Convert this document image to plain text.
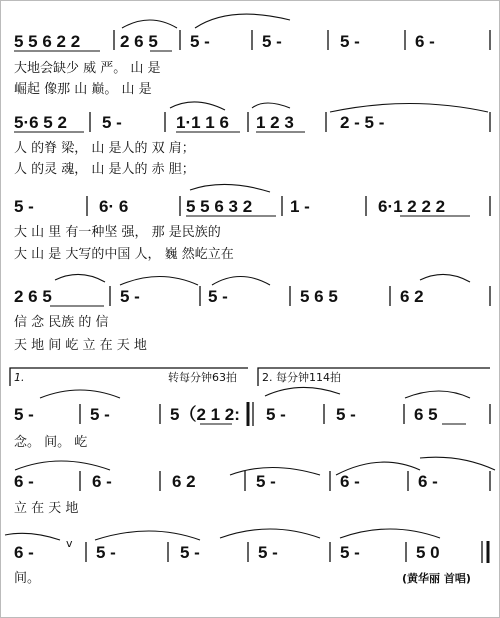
5 5 6 2 2 2 6 5 5 -	5 -	5 -	6 -
大地会缺少 威 严。 山 是
崛起 像那 山 巅。 山 是
5·6 5 2 5 -	1·1 1 6 1 2 3	2 - 5 -
人 的脊 梁， 山 是人的 双 肩；
人 的灵 魂， 山 是人的 赤 胆；
5 -	6· 6	5 5 6 3 2 1 -	6·1 2 2 2
大 山 里 有一种坚 强， 那 是民族的
大 山 是 大写的中国 人， 巍 然屹立在
2 6 5	5 -	5 -	5 6 5	6 2
信 念 民族 的 信
天 地 间 屹 立 在 天 地
1.	转每分钟63拍 2. 每分钟114拍
5 -	5 -	5（2 1 2: 5 -	5 -	6 5
念。 间。 屹
6 -	6 -	6 2	5 -	6 -	6 -
立 在 天 地
6 -	v 5 -	5 -	5 -	5 -	5 0
间。	(黄华丽 首唱)
